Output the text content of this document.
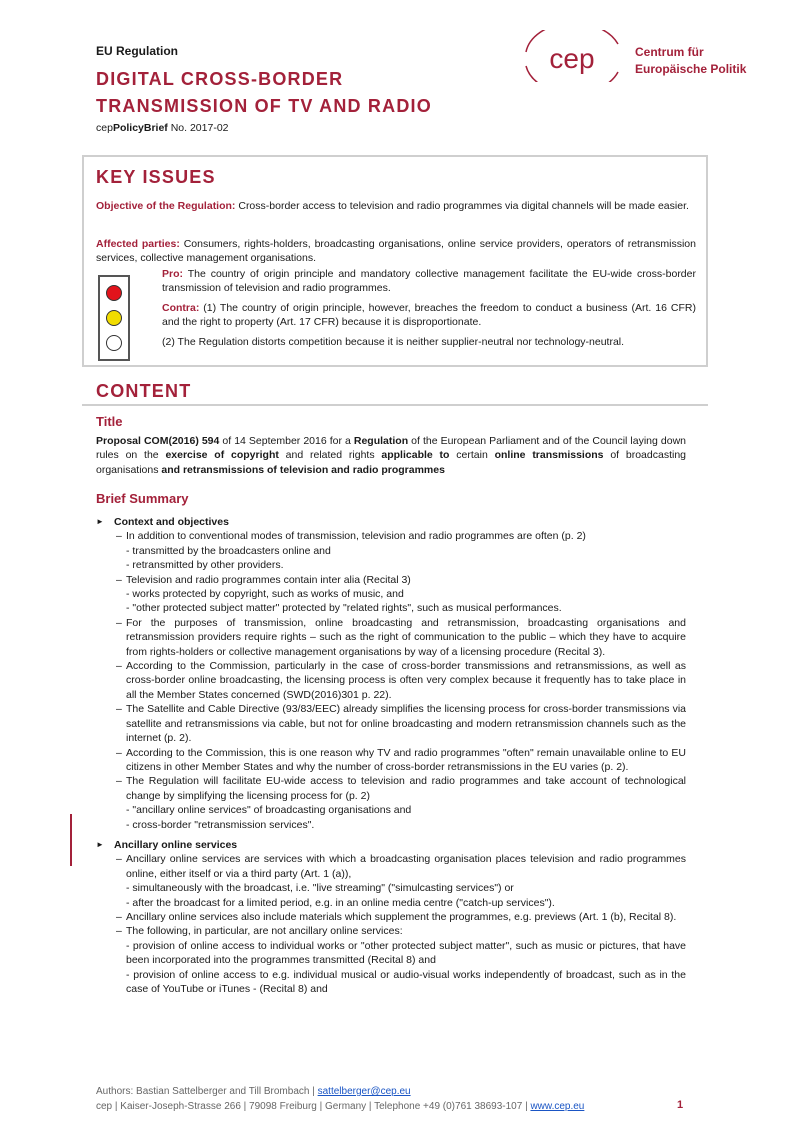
EU Regulation
DIGITAL CROSS-BORDER
TRANSMISSION OF TV AND RADIO
cepPolicyBrief No. 2017-02
cep	Centrum für
Europäische Politik
KEY ISSUES
Objective of the Regulation: Cross-border access to television and radio programmes via digital channels will be made easier.
Affected parties: Consumers, rights-holders, broadcasting organisations, online service providers, operators of retransmission services, collective management organisations.
Pro: The country of origin principle and mandatory collective management facilitate the EU-wide cross-border transmission of television and radio programmes.
Contra: (1) The country of origin principle, however, breaches the freedom to conduct a business (Art. 16 CFR) and the right to property (Art. 17 CFR) because it is disproportionate.
(2) The Regulation distorts competition because it is neither supplier-neutral nor technology-neutral.
CONTENT
Title
Proposal COM(2016) 594 of 14 September 2016 for a Regulation of the European Parliament and of the Council laying down rules on the exercise of copyright and related rights applicable to certain online transmissions of broadcasting organisations and retransmissions of television and radio programmes
Brief Summary
► Context and objectives
– In addition to conventional modes of transmission, television and radio programmes are often (p. 2)
- transmitted by the broadcasters online and
- retransmitted by other providers.
– Television and radio programmes contain inter alia (Recital 3)
- works protected by copyright, such as works of music, and
- "other protected subject matter" protected by "related rights", such as musical performances.
– For the purposes of transmission, online broadcasting and retransmission, broadcasting organisations and retransmission providers require rights – such as the right of communication to the public – which they have to acquire from rights-holders or collective management organisations by way of a licensing procedure (Recital 3).
– According to the Commission, particularly in the case of cross-border transmissions and retransmissions, as well as cross-border online broadcasting, the licensing process is often very complex because it frequently has to take place in all the Member States concerned (SWD(2016)301 p. 22).
– The Satellite and Cable Directive (93/83/EEC) already simplifies the licensing process for cross-border transmissions via satellite and retransmissions via cable, but not for online broadcasting and modern retransmission channels such as the internet (p. 2).
– According to the Commission, this is one reason why TV and radio programmes "often" remain unavailable online to EU citizens in other Member States and why the number of cross-border retransmissions in the EU varies (p. 2).
– The Regulation will facilitate EU-wide access to television and radio programmes and take account of technological change by simplifying the licensing process for (p. 2)
- "ancillary online services" of broadcasting organisations and
- cross-border "retransmission services".
► Ancillary online services
– Ancillary online services are services with which a broadcasting organisation places television and radio programmes online, either itself or via a third party (Art. 1 (a)),
- simultaneously with the broadcast, i.e. "live streaming" ("simulcasting services") or
- after the broadcast for a limited period, e.g. in an online media centre ("catch-up services").
– Ancillary online services also include materials which supplement the programmes, e.g. previews (Art. 1 (b), Recital 8).
– The following, in particular, are not ancillary online services:
- provision of online access to individual works or "other protected subject matter", such as music or pictures, that have been incorporated into the programmes transmitted (Recital 8) and
- provision of online access to e.g. individual musical or audio-visual works independently of broadcast, such as in the case of YouTube or iTunes - (Recital 8) and
Authors: Bastian Sattelberger and Till Brombach | sattelberger@cep.eu
cep | Kaiser-Joseph-Strasse 266 | 79098 Freiburg | Germany | Telephone +49 (0)761 38693-107 | www.cep.eu	1
